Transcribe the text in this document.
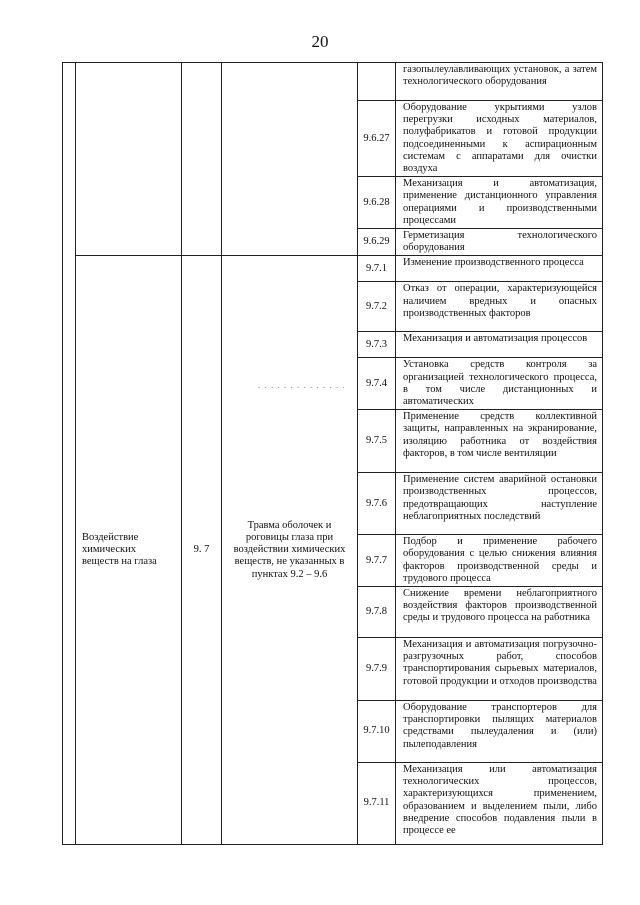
20
. . . . . . . . . . . . . .
					газопылеулавливающих установок, а затем технологического оборудования
				9.6.27	Оборудование укрытиями узлов перегрузки исходных материалов, полуфабрикатов и готовой продукции подсоединенными к аспирационным системам с аппаратами для очистки воздуха
				9.6.28	Механизация и автоматизация, применение дистанционного управления операциями и производственными процессами
				9.6.29	Герметизация технологического оборудования

	Воздействие химических веществ на глаза	9. 7	Травма оболочек и роговицы глаза при воздействии химических веществ, не указанных в пунктах 9.2 – 9.6	9.7.1	Изменение производственного процесса
				9.7.2	Отказ от операции, характеризующейся наличием вредных и опасных производственных факторов
				9.7.3	Механизация и автоматизация процессов
				9.7.4	Установка средств контроля за организацией технологического процесса, в том числе дистанционных и автоматических
				9.7.5	Применение средств коллективной защиты, направленных на экранирование, изоляцию работника от воздействия факторов, в том числе вентиляции
				9.7.6	Применение систем аварийной остановки производственных процессов, предотвращающих наступление неблагоприятных последствий
				9.7.7	Подбор и применение рабочего оборудования с целью снижения влияния факторов производственной среды и трудового процесса
				9.7.8	Снижение времени неблагоприятного воздействия факторов производственной среды и трудового процесса на работника
				9.7.9	Механизация и автоматизация погрузочно-разгрузочных работ, способов транспортирования сырьевых материалов, готовой продукции и отходов производства
				9.7.10	Оборудование транспортеров для транспортировки пылящих материалов средствами пылеудаления и (или) пылеподавления
				9.7.11	Механизация или автоматизация технологических процессов, характеризующихся применением, образованием и выделением пыли, либо внедрение способов подавления пыли в процессе ее
